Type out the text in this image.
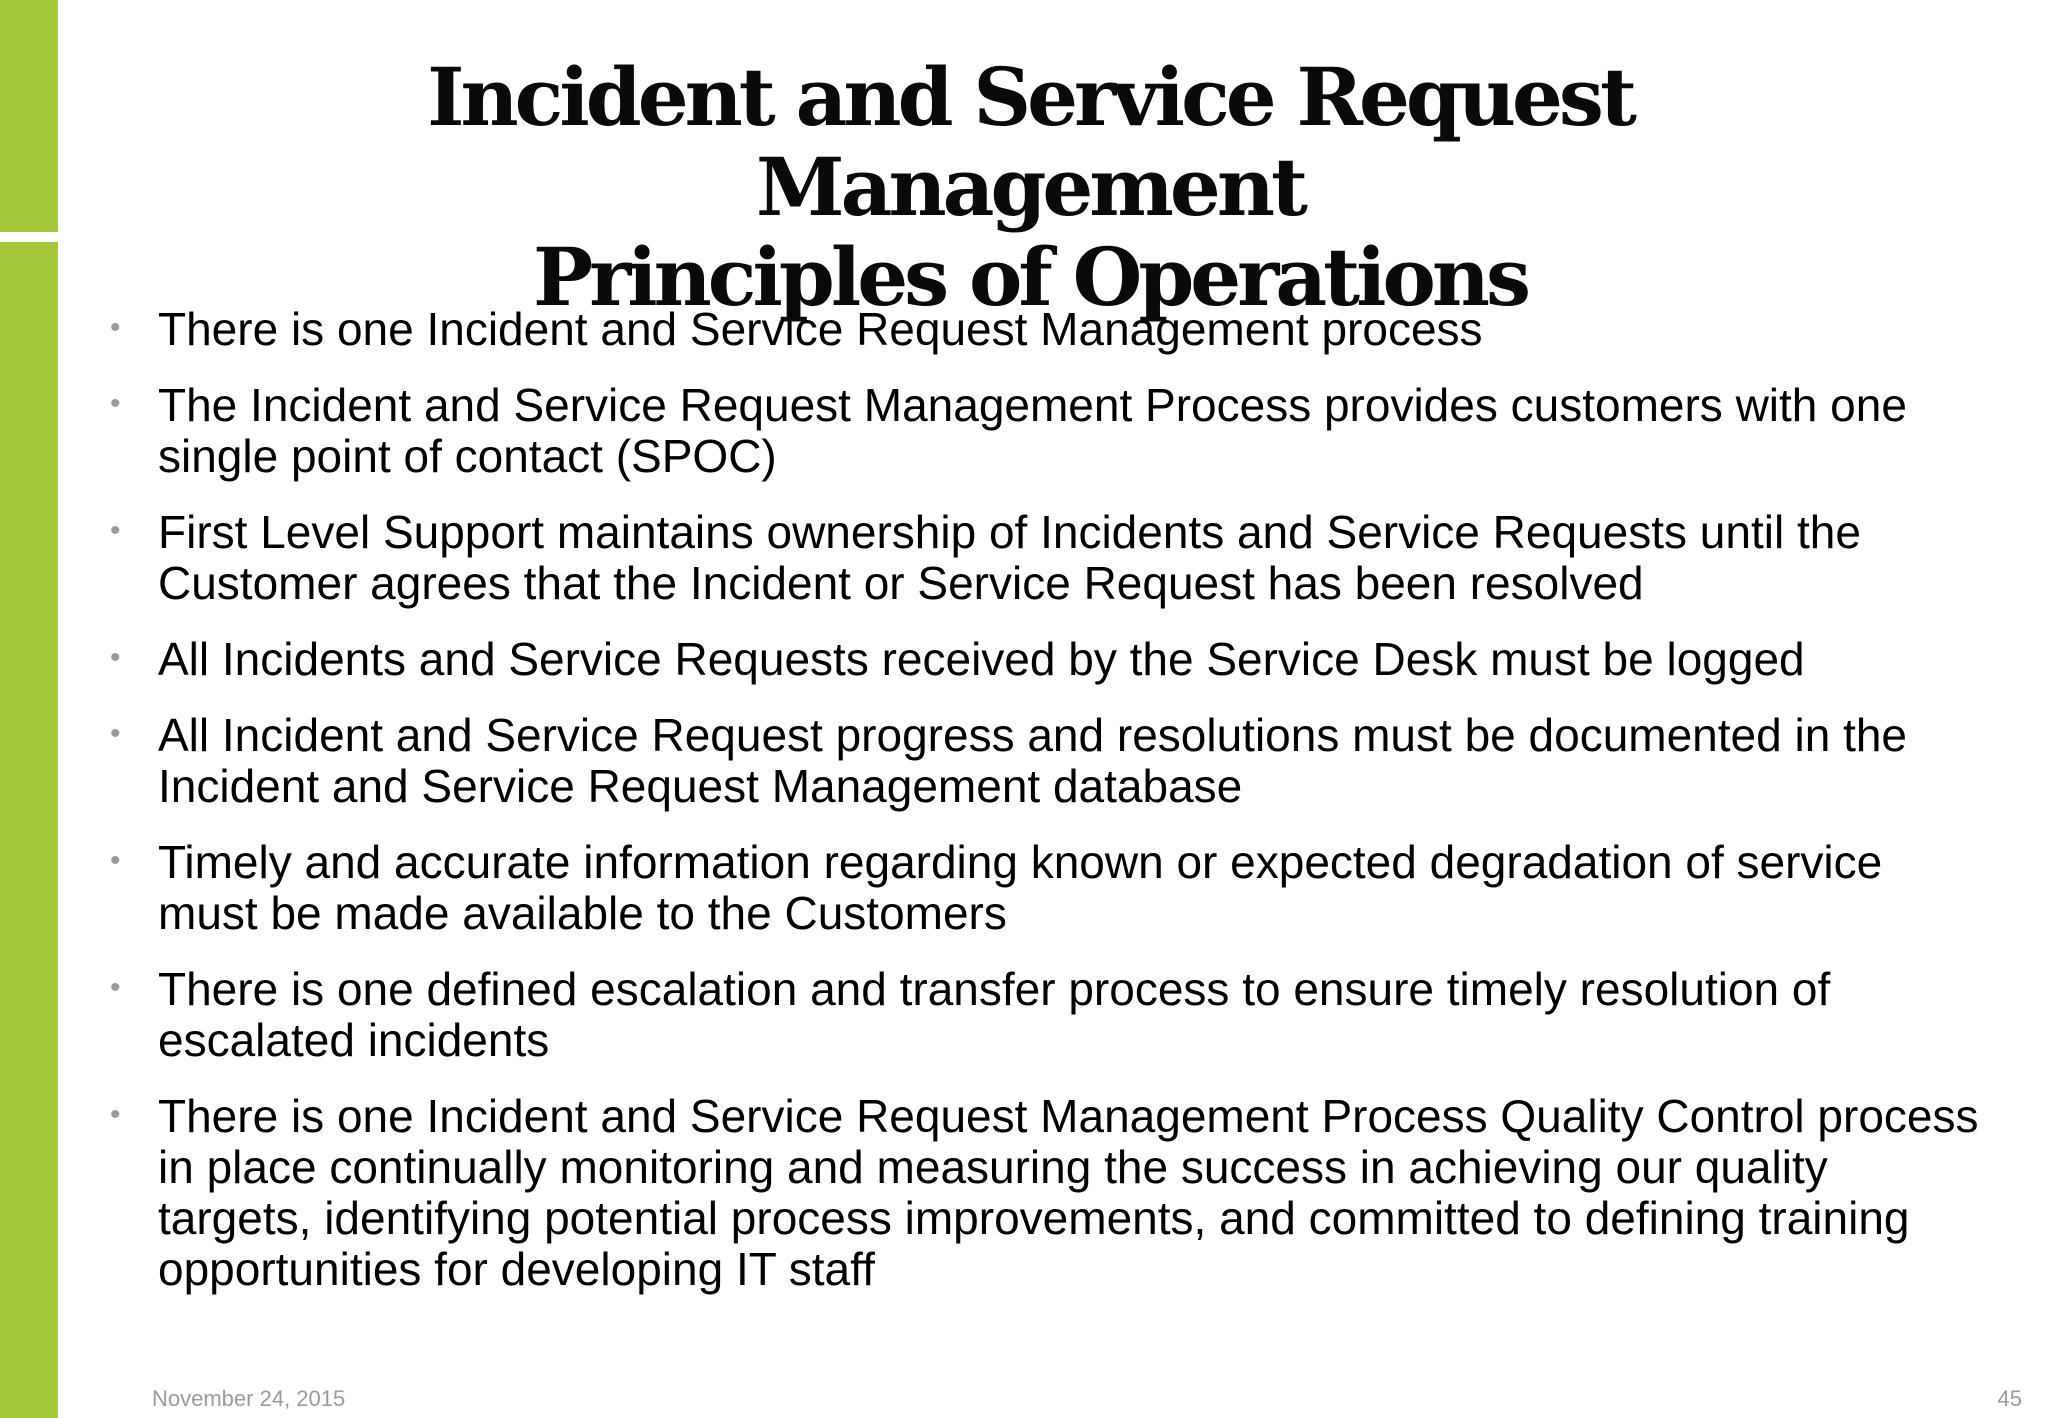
Incident and Service Request Management
Principles of Operations
• There is one Incident and Service Request Management process
• The Incident and Service Request Management Process provides customers with one single point of contact (SPOC)
• First Level Support maintains ownership of Incidents and Service Requests until the Customer agrees that the Incident or Service Request has been resolved
• All Incidents and Service Requests received by the Service Desk must be logged
• All Incident and Service Request progress and resolutions must be documented in the Incident and Service Request Management database
• Timely and accurate information regarding known or expected degradation of service must be made available to the Customers
• There is one defined escalation and transfer process to ensure timely resolution of escalated incidents
• There is one Incident and Service Request Management Process Quality Control process in place continually monitoring and measuring the success in achieving our quality targets, identifying potential process improvements, and committed to defining training opportunities for developing IT staff
November 24, 2015	45
